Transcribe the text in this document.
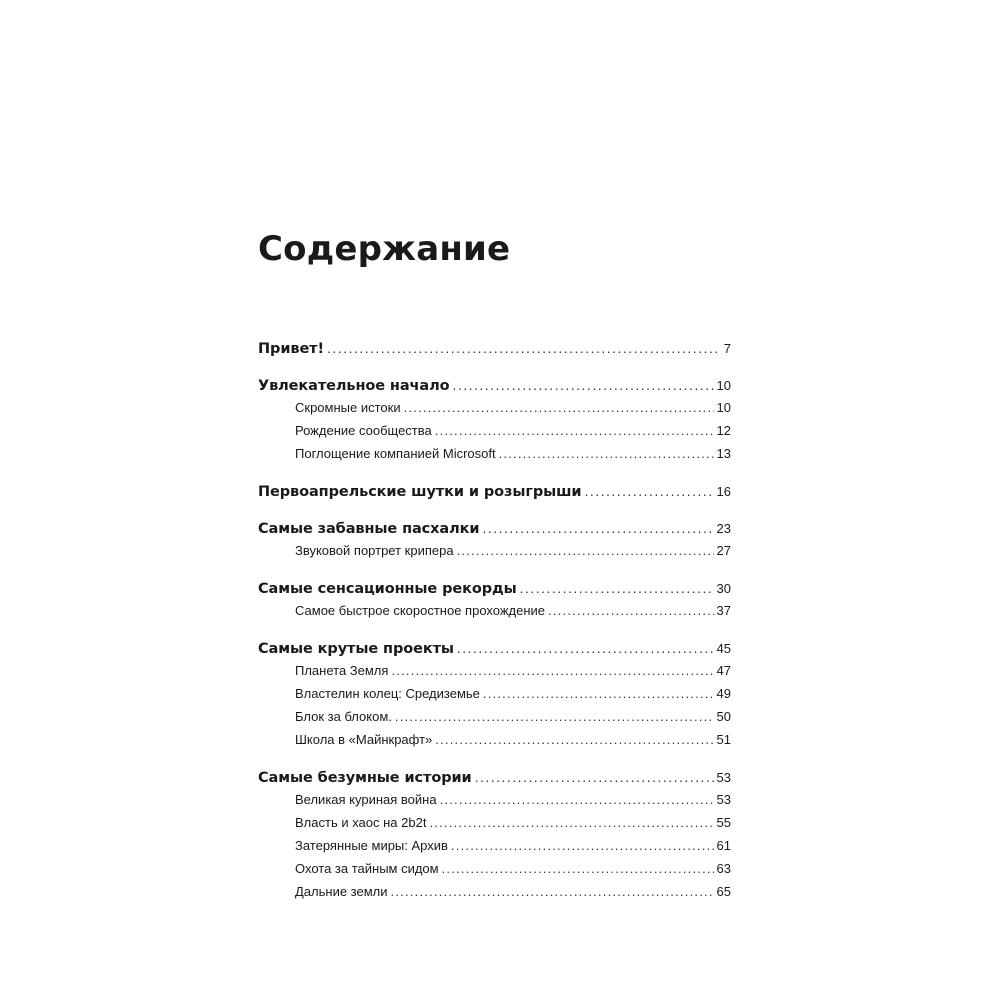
Содержание
Привет! . . .	7
Увлекательное начало . . .	10
Скромные истоки . . .	10
Рождение сообщества . . .	12
Поглощение компанией Microsoft . . .	13
Первоапрельские шутки и розыгрыши . . .	16
Самые забавные пасхалки . . .	23
Звуковой портрет крипера . . .	27
Самые сенсационные рекорды . . .	30
Самое быстрое скоростное прохождение . . .	37
Самые крутые проекты . . .	45
Планета Земля . . .	47
Властелин колец: Средиземье . . .	49
Блок за блоком. . . .	50
Школа в «Майнкрафт» . . .	51
Самые безумные истории . . .	53
Великая куриная война . . .	53
Власть и хаос на 2b2t . . .	55
Затерянные миры: Архив . . .	61
Охота за тайным сидом . . .	63
Дальние земли . . .	65
